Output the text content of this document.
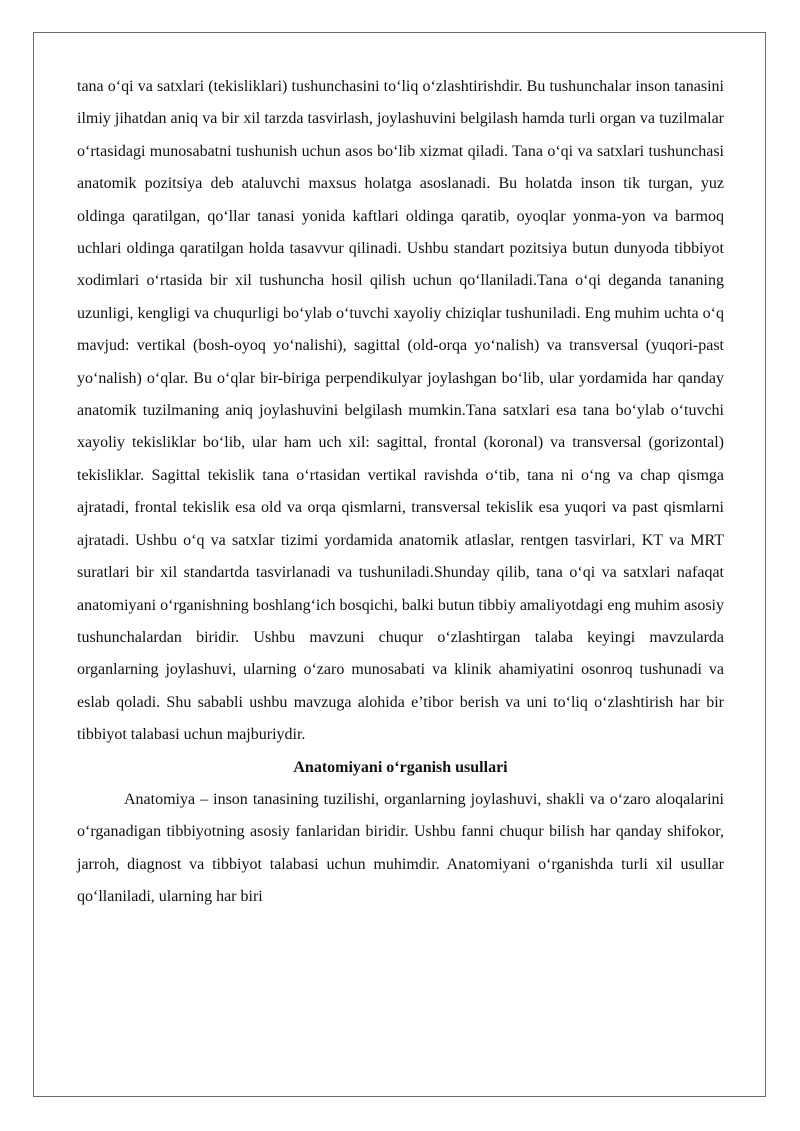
tana o‘qi va satxlari (tekisliklari) tushunchasini to‘liq o‘zlashtirishdir. Bu tushunchalar inson tanasini ilmiy jihatdan aniq va bir xil tarzda tasvirlash, joylashuvini belgilash hamda turli organ va tuzilmalar o‘rtasidagi munosabatni tushunish uchun asos bo‘lib xizmat qiladi. Tana o‘qi va satxlari tushunchasi anatomik pozitsiya deb ataluvchi maxsus holatga asoslanadi. Bu holatda inson tik turgan, yuz oldinga qaratilgan, qo‘llar tanasi yonida kaftlari oldinga qaratib, oyoqlar yonma-yon va barmoq uchlari oldinga qaratilgan holda tasavvur qilinadi. Ushbu standart pozitsiya butun dunyoda tibbiyot xodimlari o‘rtasida bir xil tushuncha hosil qilish uchun qo‘llaniladi.Tana o‘qi deganda tananing uzunligi, kengligi va chuqurligi bo‘ylab o‘tuvchi xayoliy chiziqlar tushuniladi. Eng muhim uchta o‘q mavjud: vertikal (bosh-oyoq yo‘nalishi), sagittal (old-orqa yo‘nalish) va transversal (yuqori-past yo‘nalish) o‘qlar. Bu o‘qlar bir-biriga perpendikulyar joylashgan bo‘lib, ular yordamida har qanday anatomik tuzilmaning aniq joylashuvini belgilash mumkin.Tana satxlari esa tana bo‘ylab o‘tuvchi xayoliy tekisliklar bo‘lib, ular ham uch xil: sagittal, frontal (koronal) va transversal (gorizontal) tekisliklar. Sagittal tekislik tana o‘rtasidan vertikal ravishda o‘tib, tana ni o‘ng va chap qismga ajratadi, frontal tekislik esa old va orqa qismlarni, transversal tekislik esa yuqori va past qismlarni ajratadi. Ushbu o‘q va satxlar tizimi yordamida anatomik atlaslar, rentgen tasvirlari, KT va MRT suratlari bir xil standartda tasvirlanadi va tushuniladi.Shunday qilib, tana o‘qi va satxlari nafaqat anatomiyani o‘rganishning boshlang‘ich bosqichi, balki butun tibbiy amaliyotdagi eng muhim asosiy tushunchalardan biridir. Ushbu mavzuni chuqur o‘zlashtirgan talaba keyingi mavzularda organlarning joylashuvi, ularning o‘zaro munosabati va klinik ahamiyatini osonroq tushunadi va eslab qoladi. Shu sababli ushbu mavzuga alohida e’tibor berish va uni to‘liq o‘zlashtirish har bir tibbiyot talabasi uchun majburiydir.

Anatomiyani o‘rganish usullari

Anatomiya – inson tanasining tuzilishi, organlarning joylashuvi, shakli va o‘zaro aloqalarini o‘rganadigan tibbiyotning asosiy fanlaridan biridir. Ushbu fanni chuqur bilish har qanday shifokor, jarroh, diagnost va tibbiyot talabasi uchun muhimdir. Anatomiyani o‘rganishda turli xil usullar qo‘llaniladi, ularning har biri
